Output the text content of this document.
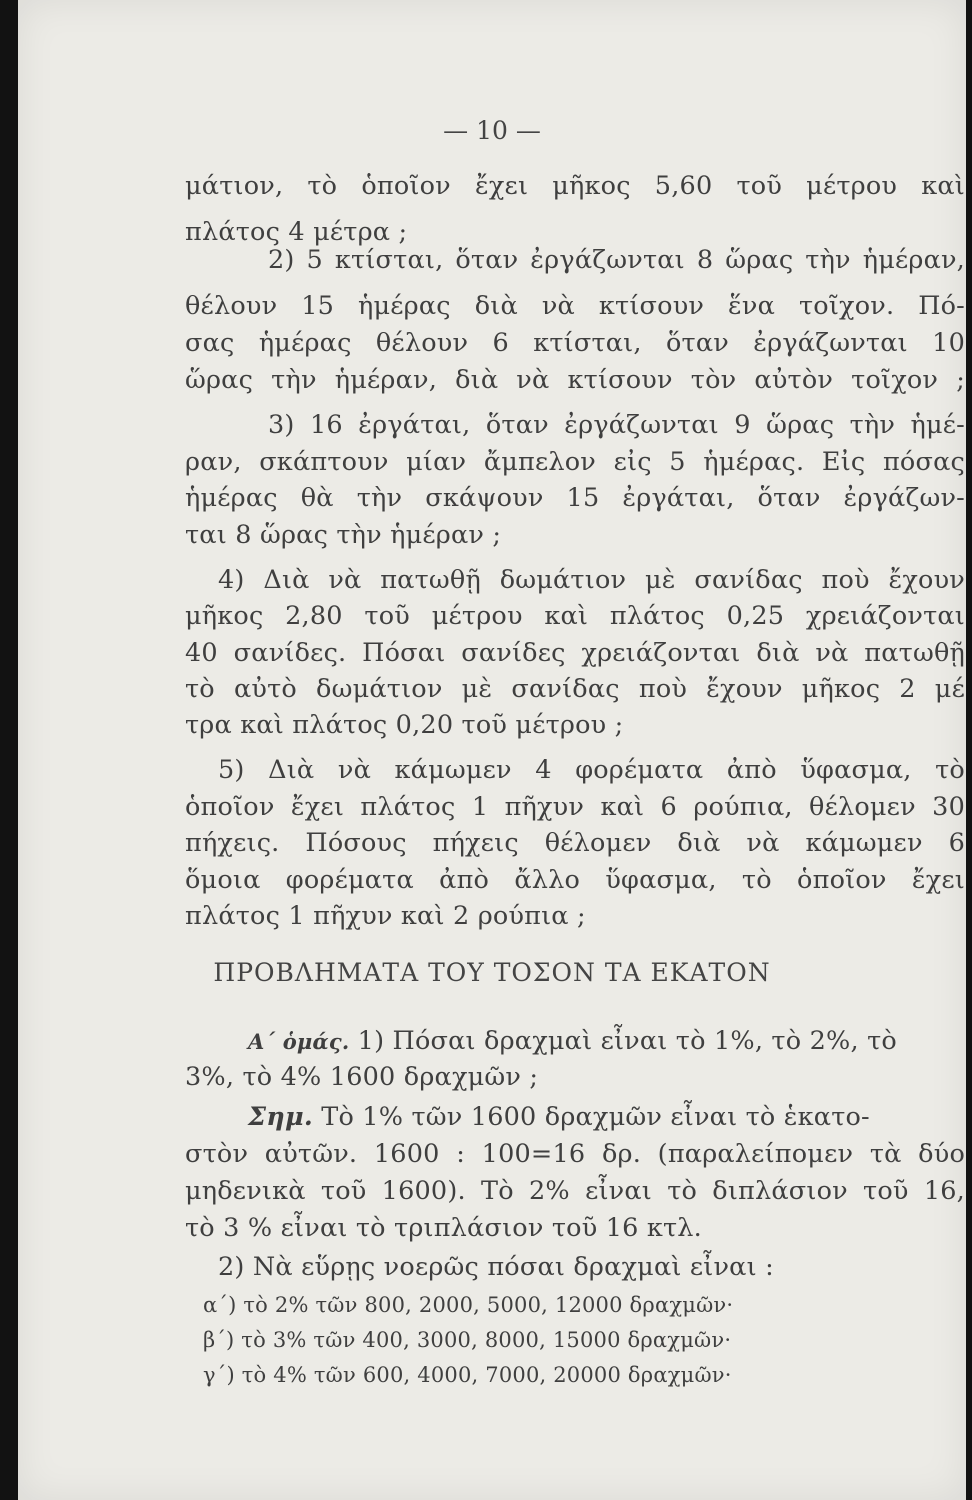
— 10 —
μάτιον, τὸ ὁποῖον ἔχει μῆκος 5,60 τοῦ μέτρου καὶ
πλάτος 4 μέτρα ;
2) 5 κτίσται, ὅταν ἐργάζωνται 8 ὥρας τὴν ἡμέραν,
θέλουν 15 ἡμέρας διὰ νὰ κτίσουν ἕνα τοῖχον. Πό-
σας ἡμέρας θέλουν 6 κτίσται, ὅταν ἐργάζωνται 10
ὥρας τὴν ἡμέραν, διὰ νὰ κτίσουν τὸν αὐτὸν τοῖχον ;
3) 16 ἐργάται, ὅταν ἐργάζωνται 9 ὥρας τὴν ἡμέ-
ραν, σκάπτουν μίαν ἄμπελον εἰς 5 ἡμέρας. Εἰς πόσας
ἡμέρας θὰ τὴν σκάψουν 15 ἐργάται, ὅταν ἐργάζων-
ται 8 ὥρας τὴν ἡμέραν ;
4) Διὰ νὰ πατωθῇ δωμάτιον μὲ σανίδας ποὺ ἔχουν
μῆκος 2,80 τοῦ μέτρου καὶ πλάτος 0,25 χρειάζονται
40 σανίδες. Πόσαι σανίδες χρειάζονται διὰ νὰ πατωθῇ
τὸ αὐτὸ δωμάτιον μὲ σανίδας ποὺ ἔχουν μῆκος 2 μέ
τρα καὶ πλάτος 0,20 τοῦ μέτρου ;
5) Διὰ νὰ κάμωμεν 4 φορέματα ἀπὸ ὕφασμα, τὸ
ὁποῖον ἔχει πλάτος 1 πῆχυν καὶ 6 ρούπια, θέλομεν 30
πήχεις. Πόσους πήχεις θέλομεν διὰ νὰ κάμωμεν 6
ὅμοια φορέματα ἀπὸ ἄλλο ὕφασμα, τὸ ὁποῖον ἔχει
πλάτος 1 πῆχυν καὶ 2 ρούπια ;
ΠΡΟΒΛΗΜΑΤΑ ΤΟΥ ΤΟΣΟΝ ΤΑ ΕΚΑΤΟΝ
Α΄ ὁμάς. 1) Πόσαι δραχμαὶ εἶναι τὸ 1%, τὸ 2%, τὸ
3%, τὸ 4% 1600 δραχμῶν ;
Σημ. Τὸ 1% τῶν 1600 δραχμῶν εἶναι τὸ ἑκατο-
στὸν αὐτῶν. 1600 : 100=16 δρ. (παραλείπομεν τὰ δύο
μηδενικὰ τοῦ 1600). Τὸ 2% εἶναι τὸ διπλάσιον τοῦ 16,
τὸ 3 % εἶναι τὸ τριπλάσιον τοῦ 16 κτλ.
2) Νὰ εὕρῃς νοερῶς πόσαι δραχμαὶ εἶναι :
α΄) τὸ 2% τῶν 800, 2000, 5000, 12000 δραχμῶν·
β΄) τὸ 3% τῶν 400, 3000, 8000, 15000 δραχμῶν·
γ΄) τὸ 4% τῶν 600, 4000, 7000, 20000 δραχμῶν·
